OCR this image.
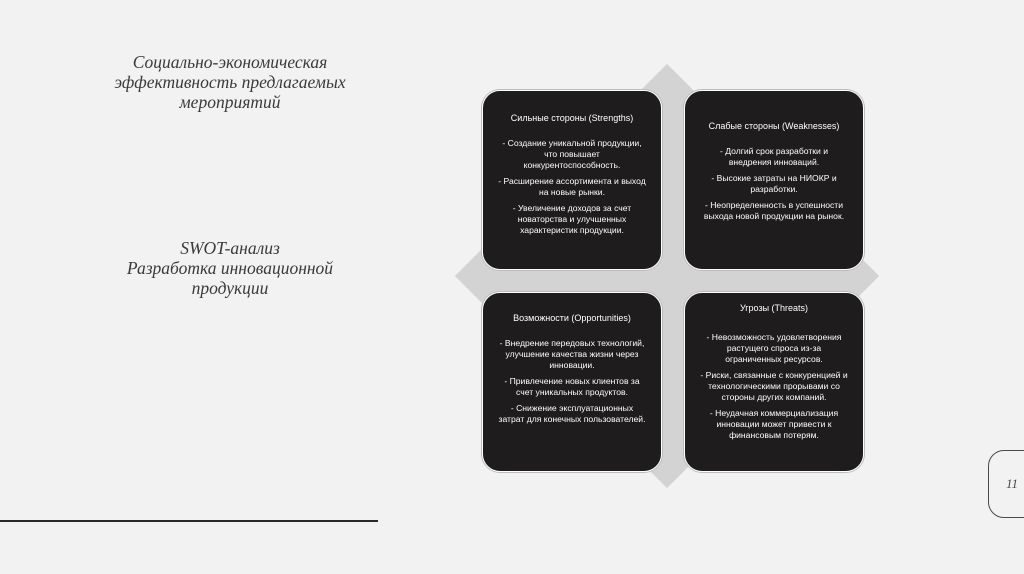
Социально-экономическая
эффективность предлагаемых
мероприятий
SWOT-анализ
Разработка инновационной
продукции
Сильные стороны (Strengths)

- Создание уникальной продукции, что повышает конкурентоспособность.

- Расширение ассортимента и выход на новые рынки.

- Увеличение доходов за счет новаторства и улучшенных характеристик продукции.

Слабые стороны (Weaknesses)

- Долгий срок разработки и внедрения инноваций.

- Высокие затраты на НИОКР и разработки.

- Неопределенность в успешности выхода новой продукции на рынок.

Возможности (Opportunities)

- Внедрение передовых технологий, улучшение качества жизни через инновации.

- Привлечение новых клиентов за счет уникальных продуктов.

- Снижение эксплуатационных затрат для конечных пользователей.

Угрозы (Threats)

- Невозможность удовлетворения растущего спроса из-за ограниченных ресурсов.

- Риски, связанные с конкуренцией и технологическими прорывами со стороны других компаний.

- Неудачная коммерциализация инновации может привести к финансовым потерям.

11
